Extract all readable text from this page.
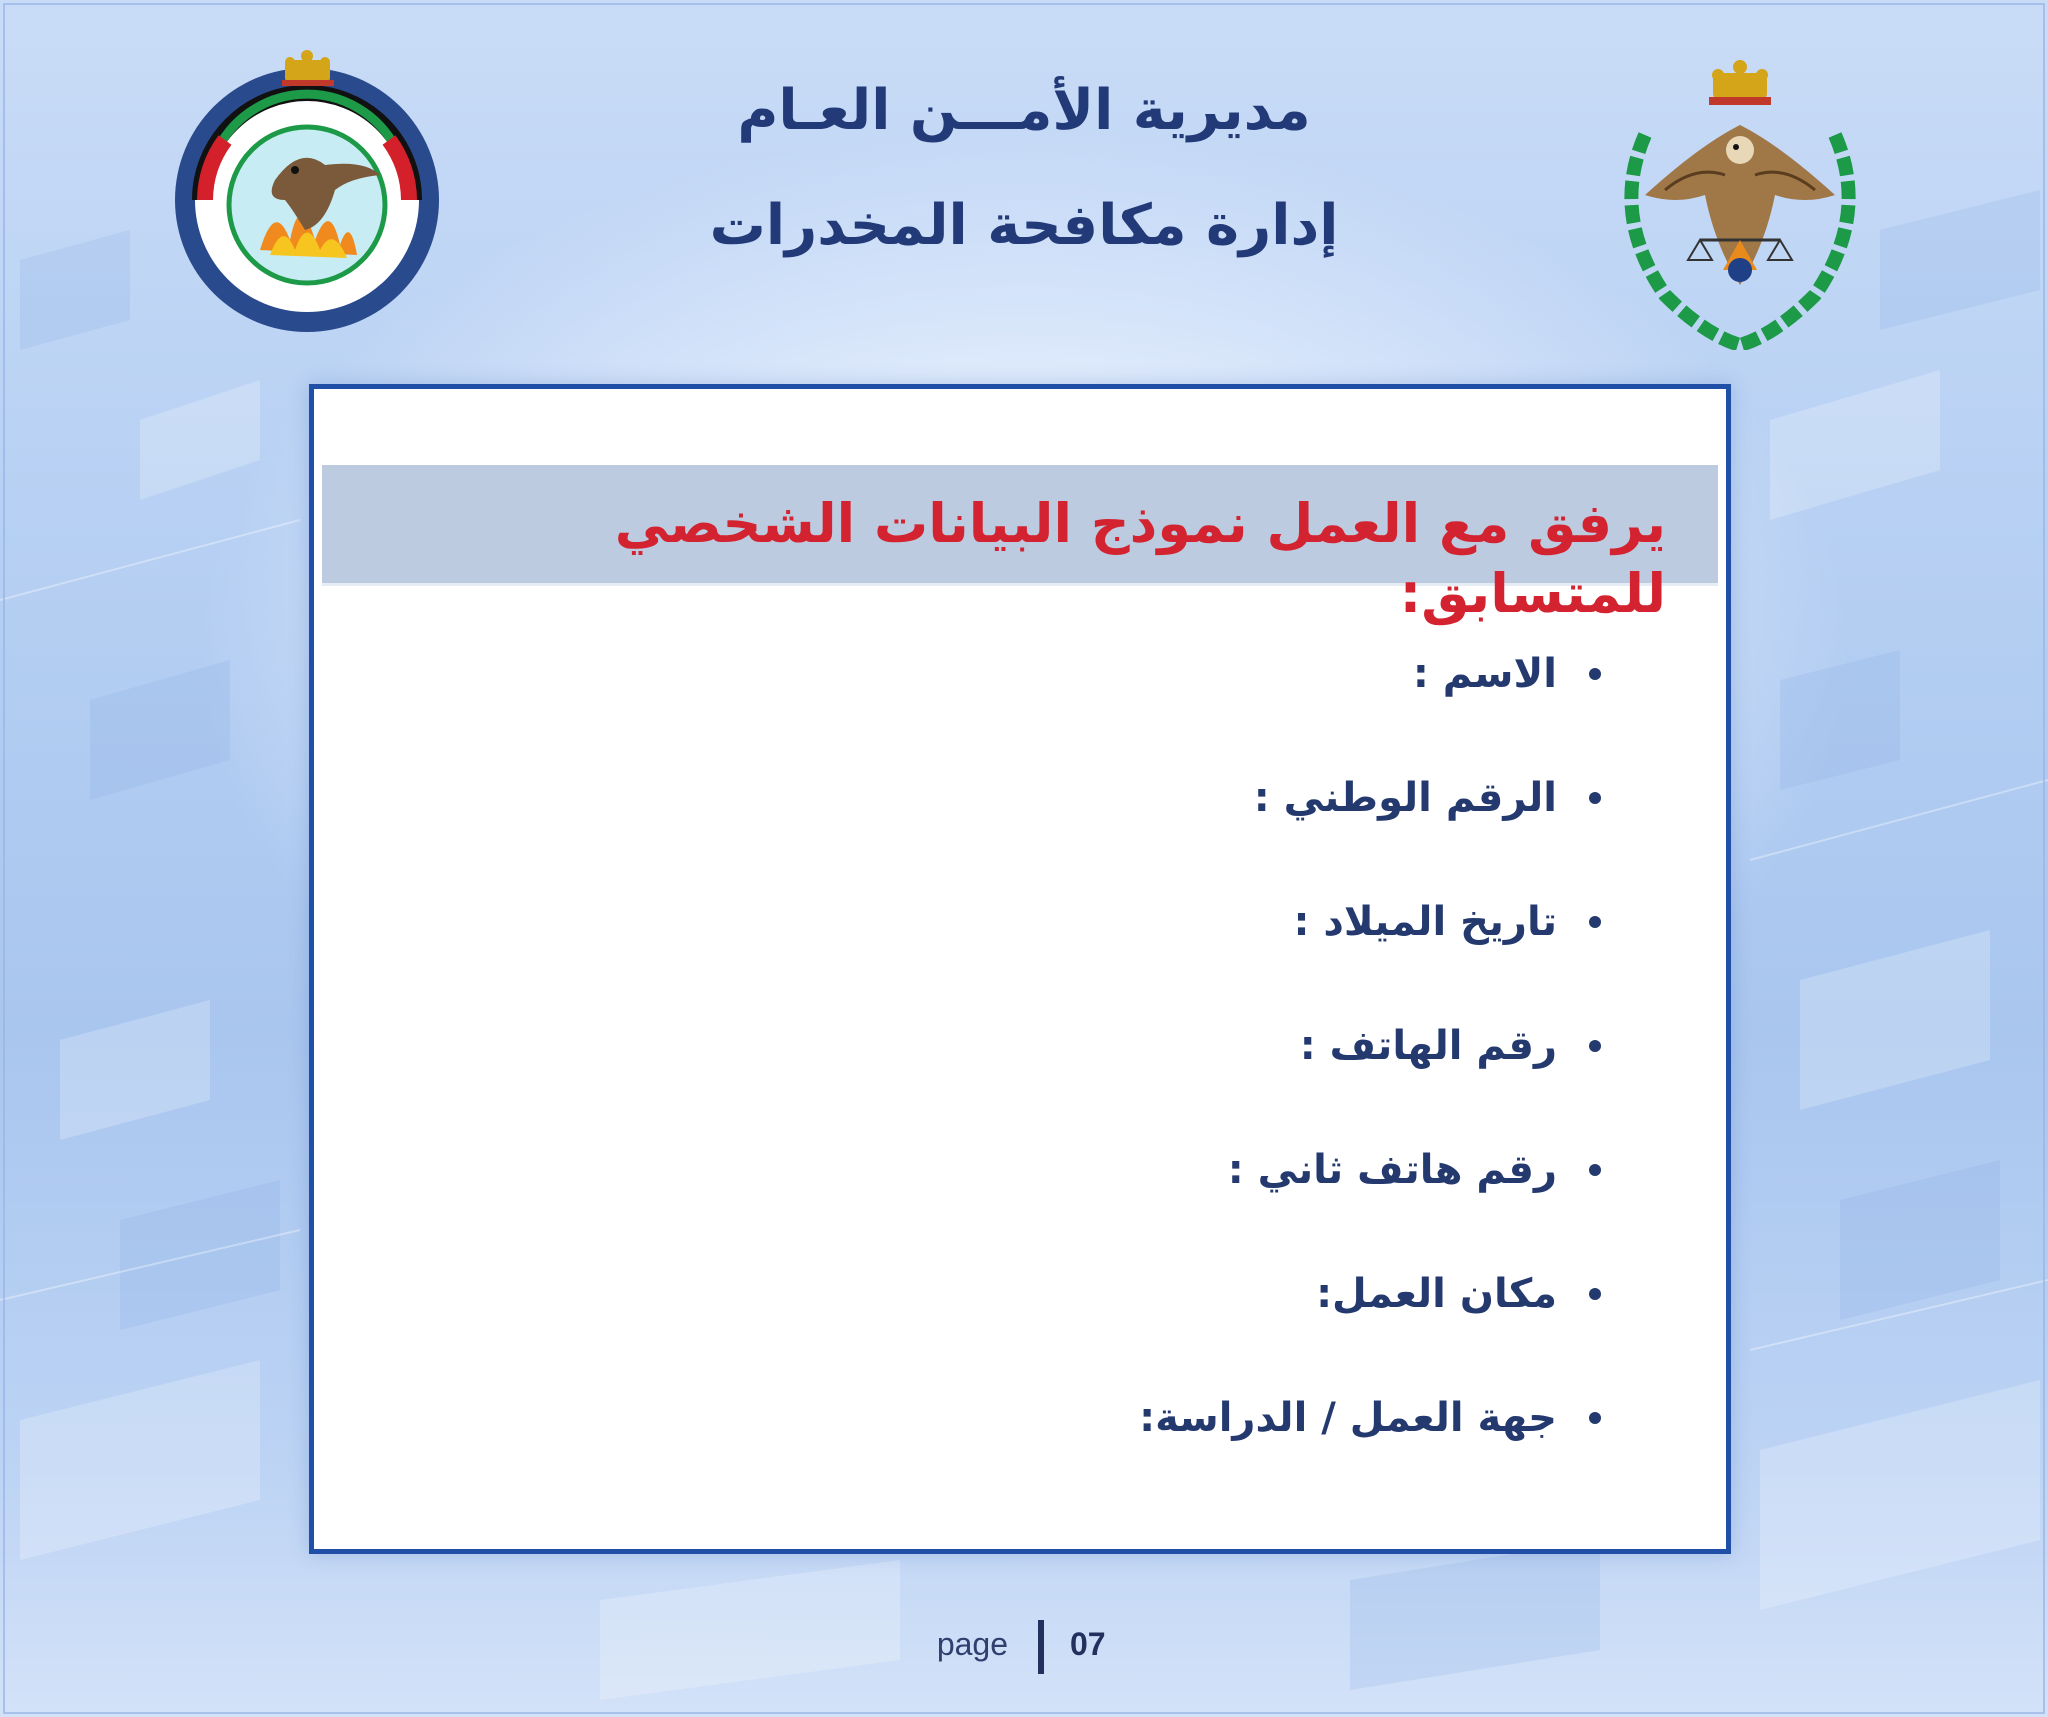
مديرية الأمـــن العـام
إدارة مكافحة المخدرات
يرفق مع العمل نموذج البيانات الشخصي للمتسابق:
الاسم :
الرقم الوطني :
تاريخ الميلاد :
رقم الهاتف :
رقم هاتف ثاني :
مكان العمل:
جهة العمل / الدراسة:
page 07
